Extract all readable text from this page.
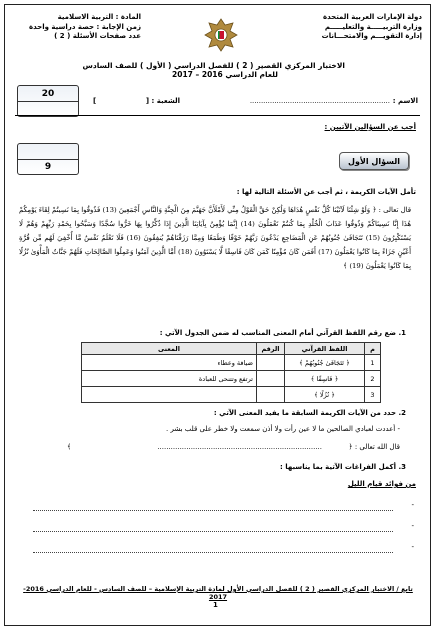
دولة الإمارات العربية المتحدة
وزارة التربيـــــة والتعليـــــم
إدارة التقويـــم والامتحـــانات
المادة : التربية الاسلامية
زمن الإجابة : حصة دراسية واحدة
عدد صفحات الأسئلة ( 2 )
الاختبار المركزي القصير ( 2 ) للفصل الدراسي ( الأول ) للصف السادس
للعام الدراسي 2016 – 2017
20
الاسم :
...............................................................
الشعبة : [
]
أجب عن السؤالين الآتيين :
9
السؤال الأول
تأمل الآيات الكريمة ، ثم أجب عن الأسئلة التالية لها :
قال تعالى : ﴿ وَلَوْ شِئْنَا لَآتَيْنَا كُلَّ نَفْسٍ هُدَاهَا وَلَٰكِنْ حَقَّ الْقَوْلُ مِنِّي لَأَمْلَأَنَّ جَهَنَّمَ مِنَ الْجِنَّةِ وَالنَّاسِ أَجْمَعِينَ (13) فَذُوقُوا بِمَا نَسِيتُمْ لِقَاءَ يَوْمِكُمْ هَٰذَا إِنَّا نَسِينَاكُمْ وَذُوقُوا عَذَابَ الْخُلْدِ بِمَا كُنتُمْ تَعْمَلُونَ (14) إِنَّمَا يُؤْمِنُ بِآيَاتِنَا الَّذِينَ إِذَا ذُكِّرُوا بِهَا خَرُّوا سُجَّدًا وَسَبَّحُوا بِحَمْدِ رَبِّهِمْ وَهُمْ لَا يَسْتَكْبِرُونَ (15) تَتَجَافَىٰ جُنُوبُهُمْ عَنِ الْمَضَاجِعِ يَدْعُونَ رَبَّهُمْ خَوْفًا وَطَمَعًا وَمِمَّا رَزَقْنَاهُمْ يُنفِقُونَ (16) فَلَا تَعْلَمُ نَفْسٌ مَّا أُخْفِيَ لَهُم مِّن قُرَّةِ أَعْيُنٍ جَزَاءً بِمَا كَانُوا يَعْمَلُونَ (17) أَفَمَن كَانَ مُؤْمِنًا كَمَن كَانَ فَاسِقًا لَّا يَسْتَوُونَ (18) أَمَّا الَّذِينَ آمَنُوا وَعَمِلُوا الصَّالِحَاتِ فَلَهُمْ جَنَّاتُ الْمَأْوَىٰ نُزُلًا بِمَا كَانُوا يَعْمَلُونَ (19) ﴾
1. ضع رقم اللفظ القرآني أمام المعنى المناسب له ضمن الجدول الآتي :
م	اللفظ القرآني	الرقم	المعنى
1	﴿ تَتَجَافَىٰ جُنُوبُهُمْ ﴾		ضيافة وعطاء
2	﴿ فَاسِقًا ﴾		ترتفع وتتنحى للعبادة
3	﴿ نُزُلًا ﴾		
2. حدد من الآيات الكريمة السابقة ما يفيد المعنى الآتي :
- أعددت لعبادي الصالحين ما لا عين رأت ولا أذن سمعت ولا خطر على قلب بشر .
قال الله تعالى : ﴿
..........................................................................
﴾
3. أكمل الفراغات الآتية بما يناسبها :
من فوائد قيام الليل
-
-
-
تابع / الاختبار المركزي القصير ( 2 ) للفصل الدراسي الأول لمادة التربية الإسلامية – للصف السادس - للعام الدراسي 2016- 2017
1
